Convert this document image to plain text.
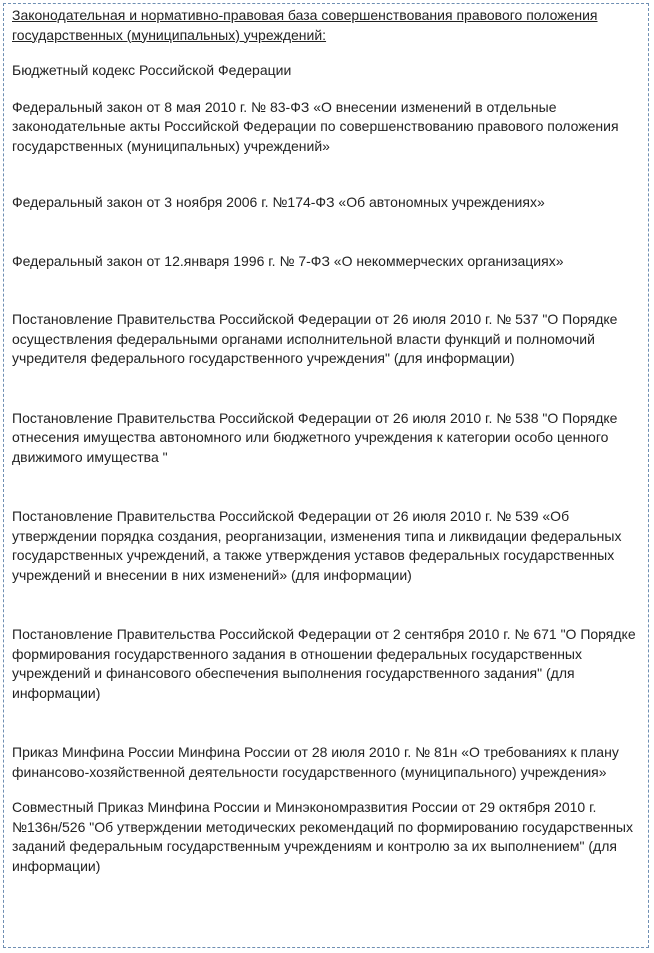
Законодательная и нормативно-правовая база совершенствования правового положения государственных (муниципальных) учреждений:

Бюджетный кодекс Российской Федерации

Федеральный закон от 8 мая 2010 г. № 83-ФЗ «О внесении изменений в отдельные законодательные акты Российской Федерации по совершенствованию правового положения государственных (муниципальных) учреждений»

Федеральный закон от 3 ноября 2006 г. №174-ФЗ «Об автономных учреждениях»

Федеральный закон от 12.января 1996 г. № 7-ФЗ «О некоммерческих организациях»

Постановление Правительства Российской Федерации от 26 июля 2010 г. № 537 "О Порядке осуществления федеральными органами исполнительной власти функций и полномочий учредителя федерального государственного учреждения" (для информации)

Постановление Правительства Российской Федерации от 26 июля 2010 г. № 538 "О Порядке отнесения имущества автономного или бюджетного учреждения к категории особо ценного движимого имущества "

Постановление Правительства Российской Федерации от 26 июля 2010 г. № 539 «Об утверждении порядка создания, реорганизации, изменения типа и ликвидации федеральных государственных учреждений, а также утверждения уставов федеральных государственных учреждений и внесении в них изменений» (для информации)

Постановление Правительства Российской Федерации от 2 сентября 2010 г. № 671 "О Порядке формирования государственного задания в отношении федеральных государственных учреждений и финансового обеспечения выполнения государственного задания" (для информации)

Приказ Минфина России Минфина России от 28 июля 2010 г. № 81н «О требованиях к плану финансово-хозяйственной деятельности государственного (муниципального) учреждения»

Совместный Приказ Минфина России и Минэкономразвития России от 29 октября 2010 г. №136н/526 "Об утверждении методических рекомендаций по формированию государственных заданий федеральным государственным учреждениям и контролю за их выполнением" (для информации)
